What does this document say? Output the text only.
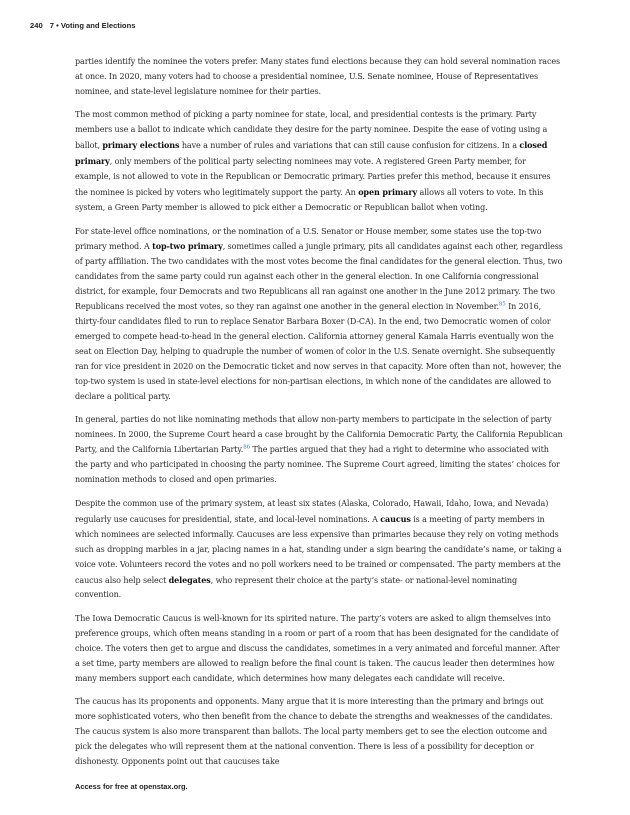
240 7 • Voting and Elections

parties identify the nominee the voters prefer. Many states fund elections because they can hold several nomination races at once. In 2020, many voters had to choose a presidential nominee, U.S. Senate nominee, House of Representatives nominee, and state-level legislature nominee for their parties.

The most common method of picking a party nominee for state, local, and presidential contests is the primary. Party members use a ballot to indicate which candidate they desire for the party nominee. Despite the ease of voting using a ballot, primary elections have a number of rules and variations that can still cause confusion for citizens. In a closed primary, only members of the political party selecting nominees may vote. A registered Green Party member, for example, is not allowed to vote in the Republican or Democratic primary. Parties prefer this method, because it ensures the nominee is picked by voters who legitimately support the party. An open primary allows all voters to vote. In this system, a Green Party member is allowed to pick either a Democratic or Republican ballot when voting.

For state-level office nominations, or the nomination of a U.S. Senator or House member, some states use the top-two primary method. A top-two primary, sometimes called a jungle primary, pits all candidates against each other, regardless of party affiliation. The two candidates with the most votes become the final candidates for the general election. Thus, two candidates from the same party could run against each other in the general election. In one California congressional district, for example, four Democrats and two Republicans all ran against one another in the June 2012 primary. The two Republicans received the most votes, so they ran against one another in the general election in November.$^{85}$ In 2016, thirty-four candidates filed to run to replace Senator Barbara Boxer (D-CA). In the end, two Democratic women of color emerged to compete head-to-head in the general election. California attorney general Kamala Harris eventually won the seat on Election Day, helping to quadruple the number of women of color in the U.S. Senate overnight. She subsequently ran for vice president in 2020 on the Democratic ticket and now serves in that capacity. More often than not, however, the top-two system is used in state-level elections for non-partisan elections, in which none of the candidates are allowed to declare a political party.

In general, parties do not like nominating methods that allow non-party members to participate in the selection of party nominees. In 2000, the Supreme Court heard a case brought by the California Democratic Party, the California Republican Party, and the California Libertarian Party.$^{86}$ The parties argued that they had a right to determine who associated with the party and who participated in choosing the party nominee. The Supreme Court agreed, limiting the states’ choices for nomination methods to closed and open primaries.

Despite the common use of the primary system, at least six states (Alaska, Colorado, Hawaii, Idaho, Iowa, and Nevada) regularly use caucuses for presidential, state, and local-level nominations. A caucus is a meeting of party members in which nominees are selected informally. Caucuses are less expensive than primaries because they rely on voting methods such as dropping marbles in a jar, placing names in a hat, standing under a sign bearing the candidate’s name, or taking a voice vote. Volunteers record the votes and no poll workers need to be trained or compensated. The party members at the caucus also help select delegates, who represent their choice at the party’s state- or national-level nominating convention.

The Iowa Democratic Caucus is well-known for its spirited nature. The party’s voters are asked to align themselves into preference groups, which often means standing in a room or part of a room that has been designated for the candidate of choice. The voters then get to argue and discuss the candidates, sometimes in a very animated and forceful manner. After a set time, party members are allowed to realign before the final count is taken. The caucus leader then determines how many members support each candidate, which determines how many delegates each candidate will receive.

The caucus has its proponents and opponents. Many argue that it is more interesting than the primary and brings out more sophisticated voters, who then benefit from the chance to debate the strengths and weaknesses of the candidates. The caucus system is also more transparent than ballots. The local party members get to see the election outcome and pick the delegates who will represent them at the national convention. There is less of a possibility for deception or dishonesty. Opponents point out that caucuses take

Access for free at openstax.org.
